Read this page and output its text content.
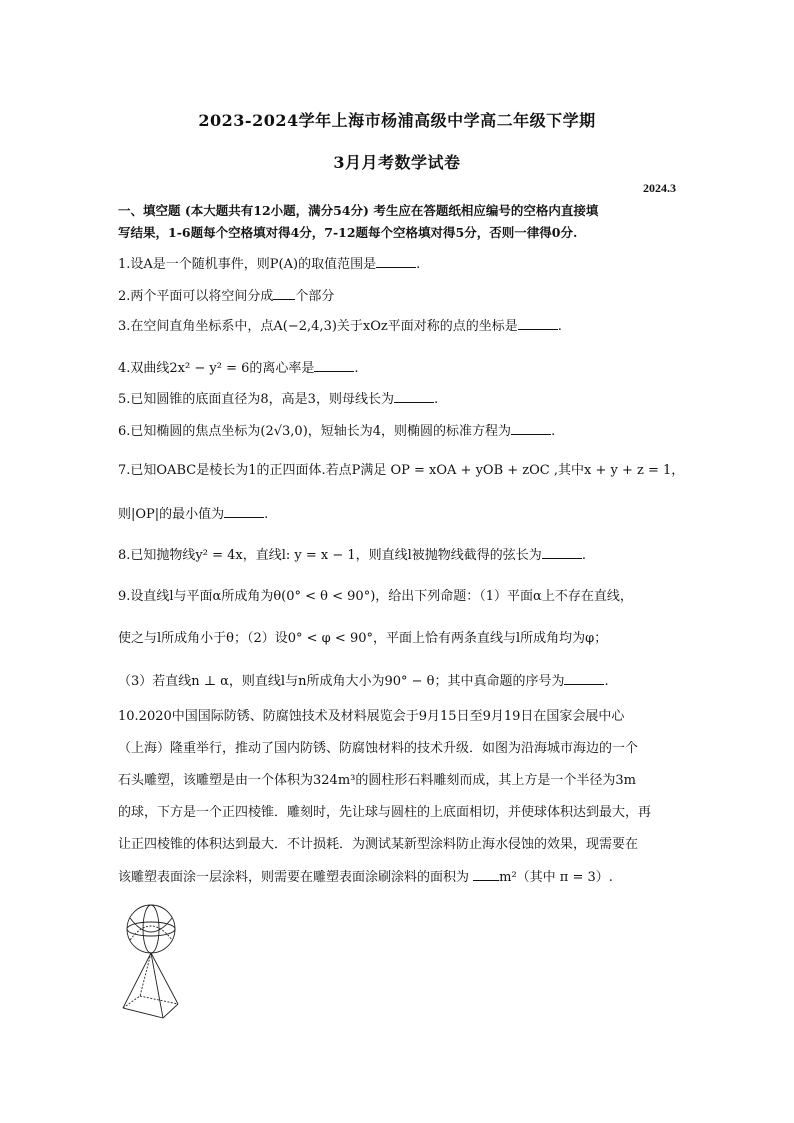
2023-2024学年上海市杨浦高级中学高二年级下学期
3月月考数学试卷
2024.3
一、填空题 (本大题共有12小题，满分54分) 考生应在答题纸相应编号的空格内直接填
写结果，1-6题每个空格填对得4分，7-12题每个空格填对得5分，否则一律得0分.
1.设A是一个随机事件，则P(A)的取值范围是	.
2.两个平面可以将空间分成 个部分
3.在空间直角坐标系中，点A(−2,4,3)关于xOz平面对称的点的坐标是	.
4.双曲线2x² − y² = 6的离心率是	.
5.已知圆锥的底面直径为8，高是3，则母线长为	.
6.已知椭圆的焦点坐标为(2√3,0)，短轴长为4，则椭圆的标准方程为	.
7.已知OABC是棱长为1的正四面体.若点P满足 OP = xOA + yOB + zOC ,其中x + y + z = 1，
则|OP|的最小值为	.
8.已知抛物线y² = 4x，直线l: y = x − 1，则直线l被抛物线截得的弦长为	.
9.设直线l与平面α所成角为θ(0° < θ < 90°)，给出下列命题：（1）平面α上不存在直线，
使之与l所成角小于θ；（2）设0° < φ < 90°，平面上恰有两条直线与l所成角均为φ；
（3）若直线n ⊥ α，则直线l与n所成角大小为90° − θ；其中真命题的序号为	.
10.2020中国国际防锈、防腐蚀技术及材料展览会于9月15日至9月19日在国家会展中心
（上海）隆重举行，推动了国内防锈、防腐蚀材料的技术升级．如图为沿海城市海边的一个
石头雕塑，该雕塑是由一个体积为324m³的圆柱形石料雕刻而成，其上方是一个半径为3m
的球，下方是一个正四棱锥．雕刻时，先让球与圆柱的上底面相切，并使球体积达到最大，再
让正四棱锥的体积达到最大．不计损耗．为测试某新型涂料防止海水侵蚀的效果，现需要在
该雕塑表面涂一层涂料，则需要在雕塑表面涂刷涂料的面积为 m²（其中 π = 3）.
